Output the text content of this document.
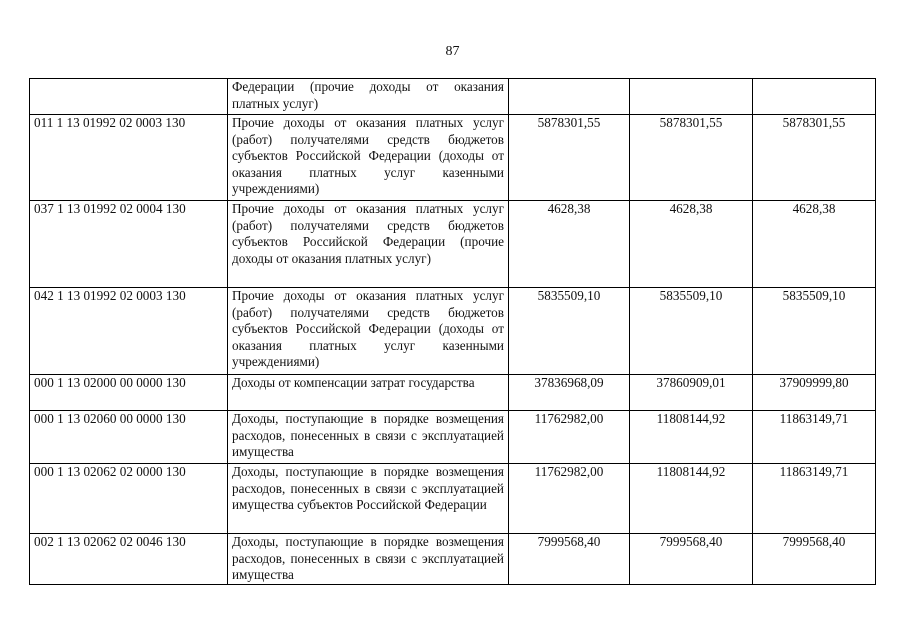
87
	Федерации (прочие доходы от оказания платных услуг)			
011 1 13 01992 02 0003 130	Прочие доходы от оказания платных услуг (работ) получателями средств бюджетов субъектов Российской Федерации (доходы от оказания платных услуг казенными учреждениями)	5878301,55	5878301,55	5878301,55
037 1 13 01992 02 0004 130	Прочие доходы от оказания платных услуг (работ) получателями средств бюджетов субъектов Российской Федерации (прочие доходы от оказания платных услуг)	4628,38	4628,38	4628,38
042 1 13 01992 02 0003 130	Прочие доходы от оказания платных услуг (работ) получателями средств бюджетов субъектов Российской Федерации (доходы от оказания платных услуг казенными учреждениями)	5835509,10	5835509,10	5835509,10
000 1 13 02000 00 0000 130	Доходы от компенсации затрат государства	37836968,09	37860909,01	37909999,80
000 1 13 02060 00 0000 130	Доходы, поступающие в порядке возмещения расходов, понесенных в связи с эксплуатацией имущества	11762982,00	11808144,92	11863149,71
000 1 13 02062 02 0000 130	Доходы, поступающие в порядке возмещения расходов, понесенных в связи с эксплуатацией имущества субъектов Российской Федерации	11762982,00	11808144,92	11863149,71
002 1 13 02062 02 0046 130	Доходы, поступающие в порядке возмещения расходов, понесенных в связи с эксплуатацией имущества	7999568,40	7999568,40	7999568,40
